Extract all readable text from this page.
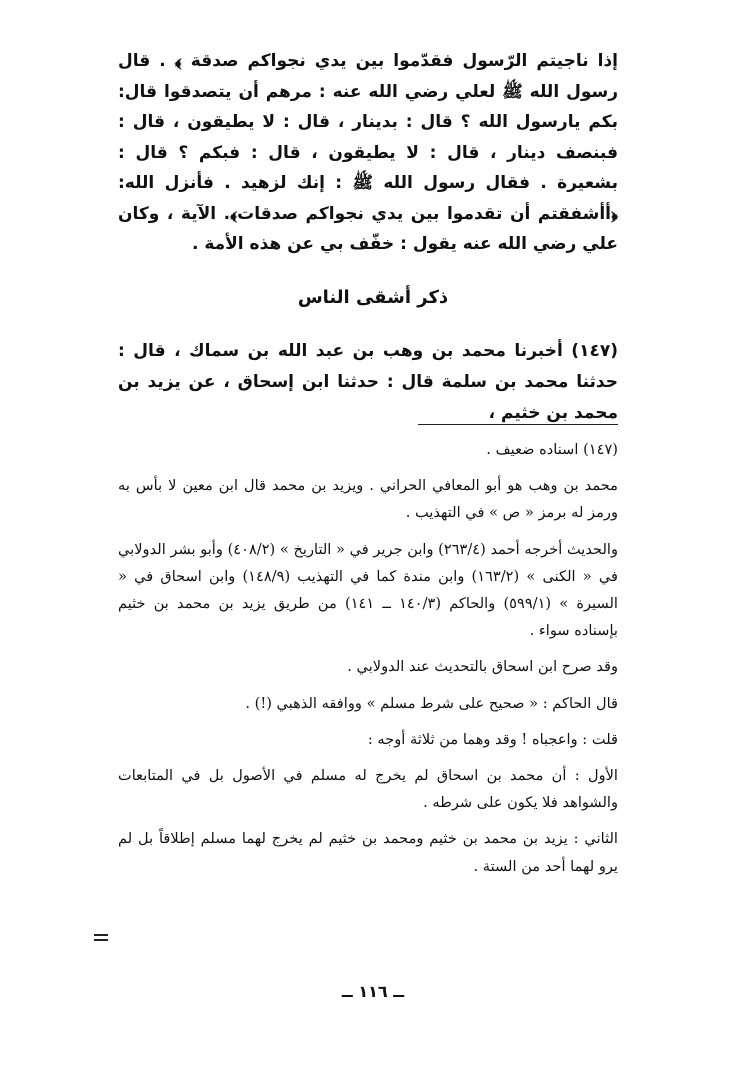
إذا ناجيتم الرّسول فقدّموا بين يدي نجواكم صدقة ﴾ . قال رسول الله ﷺ لعلي رضي الله عنه : مرهم أن يتصدقوا قال: بكم يارسول الله ؟ قال : بدينار ، قال : لا يطيقون ، قال : فبنصف دينار ، قال : لا يطيقون ، قال : فبكم ؟ قال : بشعيرة . فقال رسول الله ﷺ : إنك لزهيد . فأنزل الله: ﴿أأشفقتم أن تقدموا بين يدي نجواكم صدقات﴾. الآية ، وكان علي رضي الله عنه يقول : خفّف بي عن هذه الأمة .

ذكر أشقى الناس

(١٤٧) أخبرنا محمد بن وهب بن عبد الله بن سماك ، قال : حدثنا محمد بن سلمة قال : حدثنا ابن إسحاق ، عن يزيد بن محمد بن خثيم ،

(١٤٧) اسناده ضعيف .

محمد بن وهب هو أبو المعافي الحراني . ويزيد بن محمد قال ابن معين لا بأس به ورمز له برمز « ص » في التهذيب .

والحديث أخرجه أحمد (٢٦٣/٤) وابن جرير في « التاريخ » (٤٠٨/٢) وأبو بشر الدولابي في « الكنى » (١٦٣/٢) وابن مندة كما في التهذيب (١٤٨/٩) وابن اسحاق في « السيرة » (٥٩٩/١) والحاكم (١٤٠/٣ ــ ١٤١) من طريق يزيد بن محمد بن خثيم بإسناده سواء .

وقد صرح ابن اسحاق بالتحديث عند الدولابي .

قال الحاكم : « صحيح على شرط مسلم » ووافقه الذهبي (!) .

قلت : واعجباه ! وقد وهما من ثلاثة أوجه :

الأول : أن محمد بن اسحاق لم يخرج له مسلم في الأصول بل في المتابعات والشواهد فلا يكون على شرطه .

الثاني : يزيد بن محمد بن خثيم ومحمد بن خثيم لم يخرج لهما مسلم إطلاقاً بل لم يرو لهما أحد من الستة .

ــ ١١٦ ــ
